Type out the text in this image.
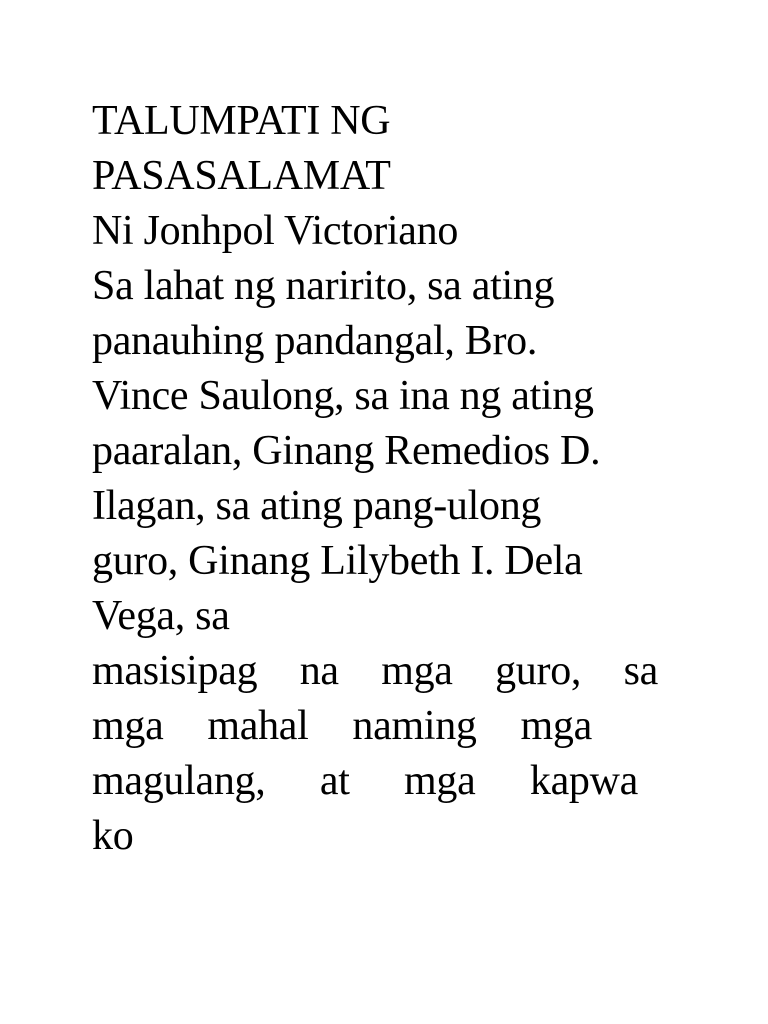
TALUMPATI NG
PASASALAMAT
Ni Jonhpol Victoriano
Sa lahat ng naririto, sa ating
panauhing pandangal, Bro.
Vince Saulong, sa ina ng ating
paaralan, Ginang Remedios D.
Ilagan, sa ating pang-ulong
guro, Ginang Lilybeth I. Dela
Vega, sa
masisipag na mga guro, sa
mga mahal naming mga
magulang, at mga kapwa
ko
